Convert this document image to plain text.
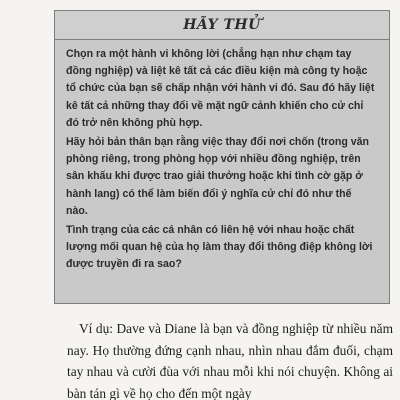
HÃY THỬ

Chọn ra một hành vi không lời (chẳng hạn như chạm tay đồng nghiệp) và liệt kê tất cả các điều kiện mà công ty hoặc tổ chức của bạn sẽ chấp nhận với hành vi đó. Sau đó hãy liệt kê tất cả những thay đổi về mặt ngữ cảnh khiến cho cử chỉ đó trở nên không phù hợp.

Hãy hỏi bản thân bạn rằng việc thay đổi nơi chốn (trong văn phòng riêng, trong phòng họp với nhiều đồng nghiệp, trên sân khấu khi được trao giải thưởng hoặc khi tình cờ gặp ở hành lang) có thể làm biến đổi ý nghĩa cử chỉ đó như thế nào.

Tình trạng của các cá nhân có liên hệ với nhau hoặc chất lượng mối quan hệ của họ làm thay đổi thông điệp không lời được truyền đi ra sao?

Ví dụ: Dave và Diane là bạn và đồng nghiệp từ nhiều năm nay. Họ thường đứng cạnh nhau, nhìn nhau đắm đuối, chạm tay nhau và cười đùa với nhau mỗi khi nói chuyện. Không ai bàn tán gì về họ cho đến một ngày
